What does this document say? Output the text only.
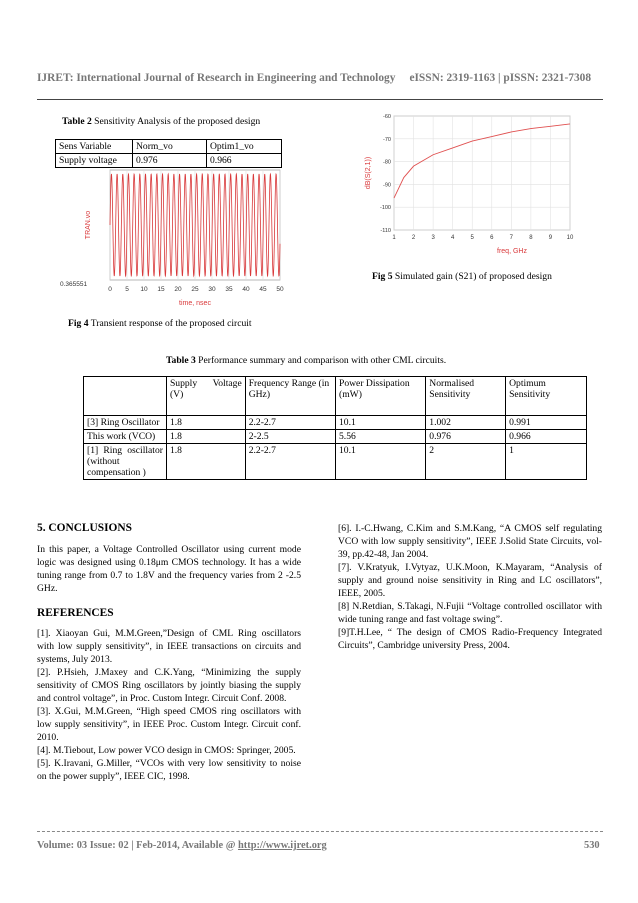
IJRET: International Journal of Research in Engineering and Technology eISSN: 2319-1163 | pISSN: 2321-7308
Table 2 Sensitivity Analysis of the proposed design
Sens Variable	Norm_vo	Optim1_vo
Supply voltage	0.976	0.966
TRAN.vo
0.365551
0 5 10 15 20 25 30 35 40 45 50
time, nsec
Fig 4 Transient response of the proposed circuit
-60
-70
-80
-90
-100
-110
1	2	3	4	5	6	7	8	9 10
dB(S(2,1))
freq, GHz
Fig 5 Simulated gain (S21) of proposed design
Table 3 Performance summary and comparison with other CML circuits.
	Supply Voltage (V)	Frequency Range (in GHz)	Power Dissipation (mW)	Normalised Sensitivity	Optimum Sensitivity
[3] Ring Oscillator	1.8	2.2-2.7	10.1	1.002	0.991
This work (VCO)	1.8	2-2.5	5.56	0.976	0.966
[1] Ring oscillator (without compensation )	1.8	2.2-2.7	10.1	2	1
5. CONCLUSIONS
In this paper, a Voltage Controlled Oscillator using current mode logic was designed using 0.18μm CMOS technology. It has a wide tuning range from 0.7 to 1.8V and the frequency varies from 2 -2.5 GHz.
REFERENCES

[1]. Xiaoyan Gui, M.M.Green,”Design of CML Ring oscillators with low supply sensitivity”, in IEEE transactions on circuits and systems, July 2013.

[2]. P.Hsieh, J.Maxey and C.K.Yang, “Minimizing the supply sensitivity of CMOS Ring oscillators by jointly biasing the supply and control voltage”, in Proc. Custom Integr. Circuit Conf. 2008.

[3]. X.Gui, M.M.Green, “High speed CMOS ring oscillators with low supply sensitivity”, in IEEE Proc. Custom Integr. Circuit conf. 2010.

[4]. M.Tiebout, Low power VCO design in CMOS: Springer, 2005.

[5]. K.Iravani, G.Miller, “VCOs with very low sensitivity to noise on the power supply”, IEEE CIC, 1998.

[6]. I.-C.Hwang, C.Kim and S.M.Kang, “A CMOS self regulating VCO with low supply sensitivity”, IEEE J.Solid State Circuits, vol-39, pp.42-48, Jan 2004.

[7]. V.Kratyuk, I.Vytyaz, U.K.Moon, K.Mayaram, “Analysis of supply and ground noise sensitivity in Ring and LC oscillators”, IEEE, 2005.

[8] N.Retdian, S.Takagi, N.Fujii “Voltage controlled oscillator with wide tuning range and fast voltage swing”.

[9]T.H.Lee, “ The design of CMOS Radio-Frequency Integrated Circuits”, Cambridge university Press, 2004.

Volume: 03 Issue: 02 | Feb-2014, Available @ http://www.ijret.org	530
